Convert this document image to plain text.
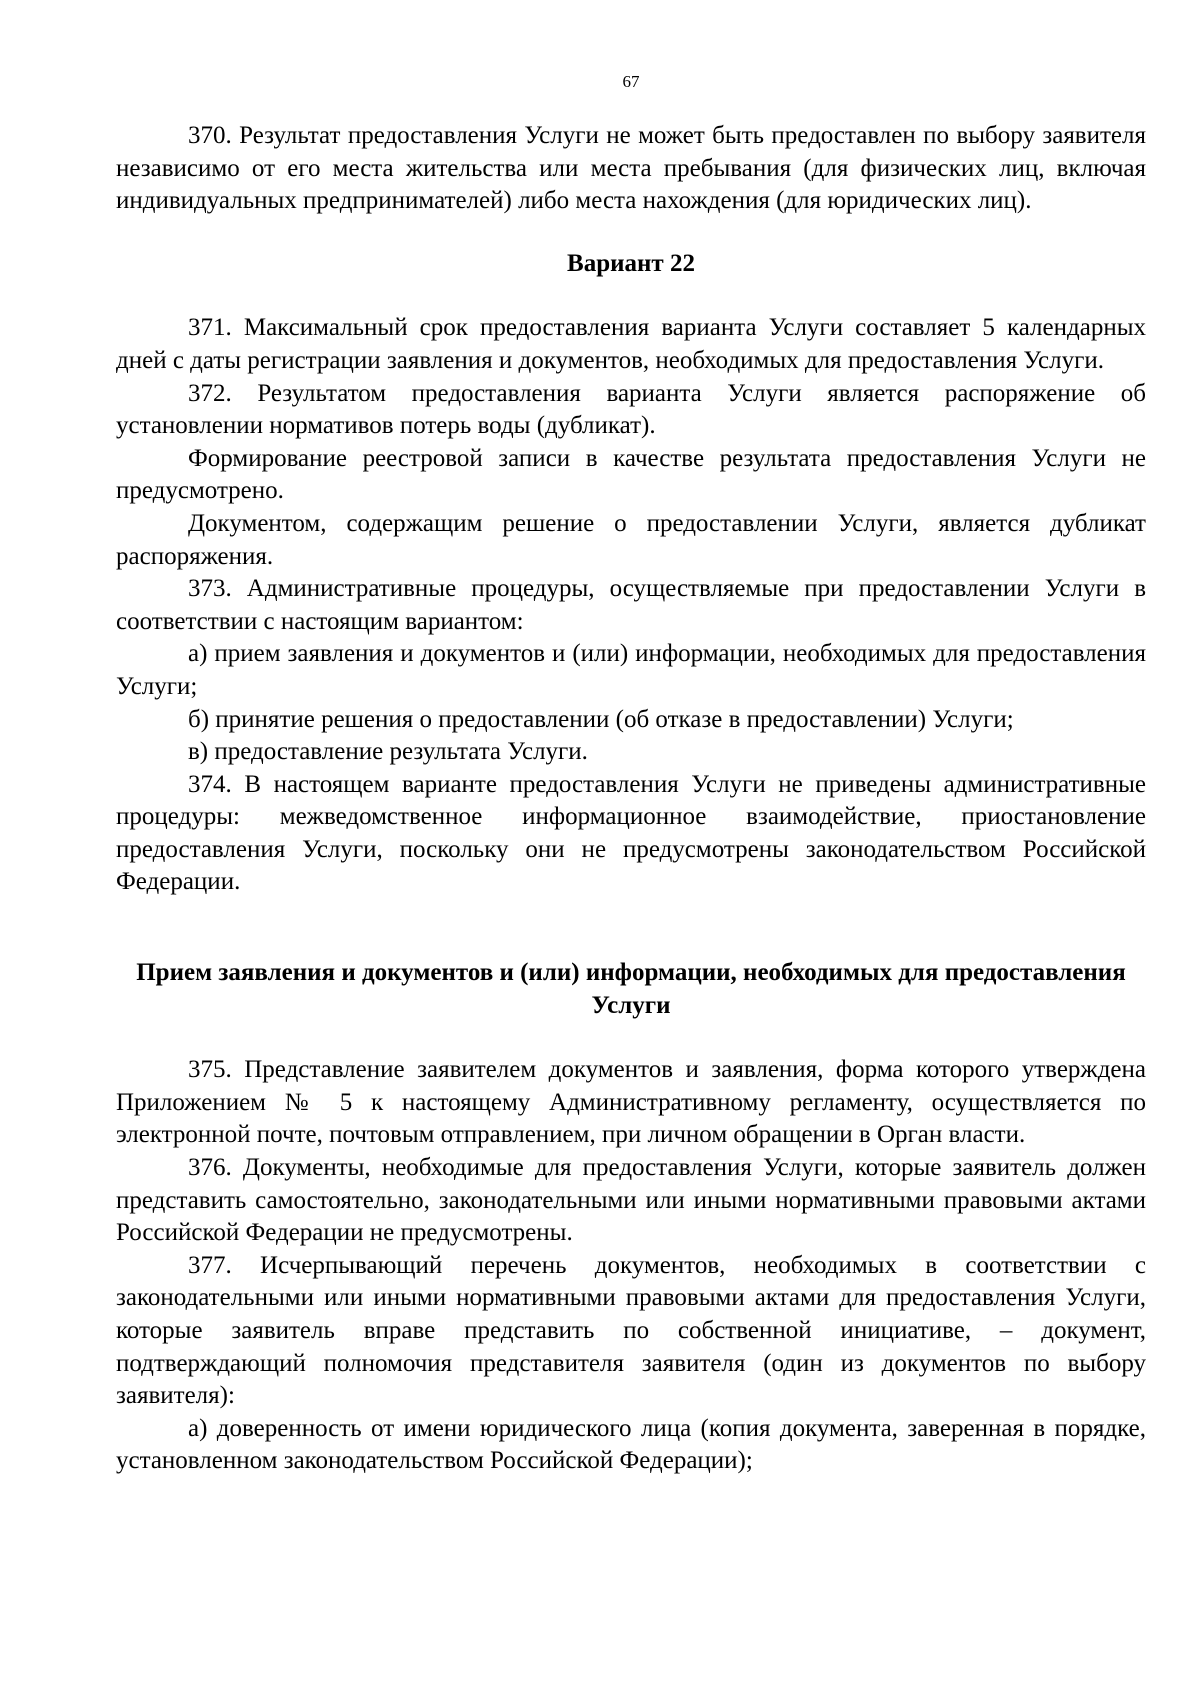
67

370. Результат предоставления Услуги не может быть предоставлен по выбору заявителя независимо от его места жительства или места пребывания (для физических лиц, включая индивидуальных предпринимателей) либо места нахождения (для юридических лиц).

Вариант 22

371. Максимальный срок предоставления варианта Услуги составляет 5 календарных дней с даты регистрации заявления и документов, необходимых для предоставления Услуги.

372. Результатом предоставления варианта Услуги является распоряжение об установлении нормативов потерь воды (дубликат).

Формирование реестровой записи в качестве результата предоставления Услуги не предусмотрено.

Документом, содержащим решение о предоставлении Услуги, является дубликат распоряжения.

373. Административные процедуры, осуществляемые при предоставлении Услуги в соответствии с настоящим вариантом:

а) прием заявления и документов и (или) информации, необходимых для предоставления Услуги;

б) принятие решения о предоставлении (об отказе в предоставлении) Услуги;

в) предоставление результата Услуги.

374. В настоящем варианте предоставления Услуги не приведены административные процедуры: межведомственное информационное взаимодействие, приостановление предоставления Услуги, поскольку они не предусмотрены законодательством Российской Федерации.

Прием заявления и документов и (или) информации, необходимых для предоставления Услуги

375. Представление заявителем документов и заявления, форма которого утверждена Приложением № 5 к настоящему Административному регламенту, осуществляется по электронной почте, почтовым отправлением, при личном обращении в Орган власти.

376. Документы, необходимые для предоставления Услуги, которые заявитель должен представить самостоятельно, законодательными или иными нормативными правовыми актами Российской Федерации не предусмотрены.

377. Исчерпывающий перечень документов, необходимых в соответствии с законодательными или иными нормативными правовыми актами для предоставления Услуги, которые заявитель вправе представить по собственной инициативе, – документ, подтверждающий полномочия представителя заявителя (один из документов по выбору заявителя):

а) доверенность от имени юридического лица (копия документа, заверенная в порядке, установленном законодательством Российской Федерации);
